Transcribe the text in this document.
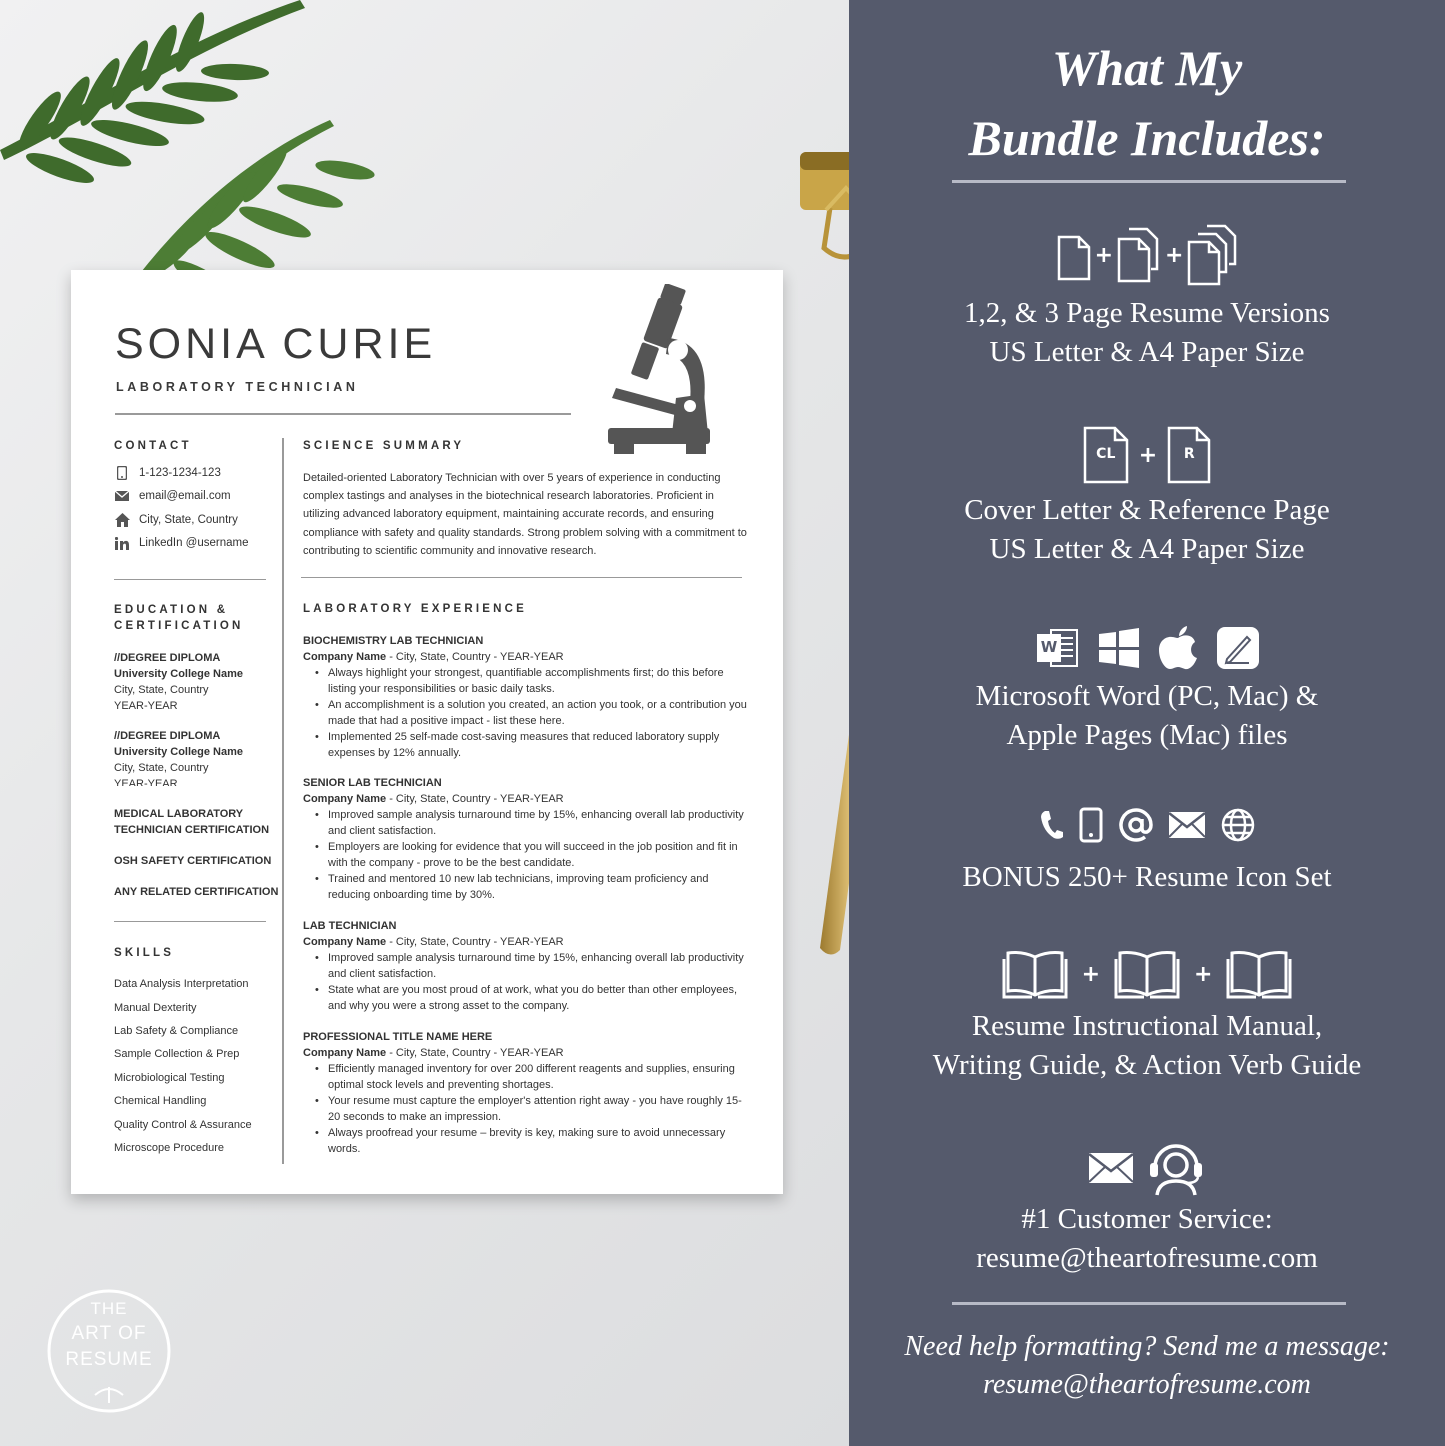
THE
ART OF
RESUME
SONIA CURIE
LABORATORY TECHNICIAN
CONTACT
1-123-1234-123
email@email.com
City, State, Country
LinkedIn @username
EDUCATION &
CERTIFICATION
//DEGREE DIPLOMA
University College Name
City, State, Country
YEAR-YEAR
//DEGREE DIPLOMA
University College Name
City, State, Country
YEAR-YEAR
MEDICAL LABORATORY TECHNICIAN CERTIFICATION
OSH SAFETY CERTIFICATION
ANY RELATED CERTIFICATION
SKILLS
Data Analysis Interpretation
Manual Dexterity
Lab Safety & Compliance
Sample Collection & Prep
Microbiological Testing
Chemical Handling
Quality Control & Assurance
Microscope Procedure
SCIENCE SUMMARY
Detailed-oriented Laboratory Technician with over 5 years of experience in conducting complex tastings and analyses in the biotechnical research laboratories. Proficient in utilizing advanced laboratory equipment, maintaining accurate records, and ensuring compliance with safety and quality standards. Strong problem solving with a commitment to contributing to scientific community and innovative research.
LABORATORY EXPERIENCE
BIOCHEMISTRY LAB TECHNICIAN
Company Name - City, State, Country - YEAR-YEAR
• Always highlight your strongest, quantifiable accomplishments first; do this before listing your responsibilities or basic daily tasks.
• An accomplishment is a solution you created, an action you took, or a contribution you made that had a positive impact - list these here.
• Implemented 25 self-made cost-saving measures that reduced laboratory supply expenses by 12% annually.
SENIOR LAB TECHNICIAN
Company Name - City, State, Country - YEAR-YEAR
• Improved sample analysis turnaround time by 15%, enhancing overall lab productivity and client satisfaction.
• Employers are looking for evidence that you will succeed in the job position and fit in with the company - prove to be the best candidate.
• Trained and mentored 10 new lab technicians, improving team proficiency and reducing onboarding time by 30%.
LAB TECHNICIAN
Company Name - City, State, Country - YEAR-YEAR
• Improved sample analysis turnaround time by 15%, enhancing overall lab productivity and client satisfaction.
• State what are you most proud of at work, what you do better than other employees, and why you were a strong asset to the company.
PROFESSIONAL TITLE NAME HERE
Company Name - City, State, Country - YEAR-YEAR
• Efficiently managed inventory for over 200 different reagents and supplies, ensuring optimal stock levels and preventing shortages.
• Your resume must capture the employer's attention right away - you have roughly 15-20 seconds to make an impression.
• Always proofread your resume – brevity is key, making sure to avoid unnecessary words.
What My
Bundle Includes:
+ +
1,2, & 3 Page Resume Versions
US Letter & A4 Paper Size
CL	+	R
Cover Letter & Reference Page
US Letter & A4 Paper Size
W
Microsoft Word (PC, Mac) &
Apple Pages (Mac) files
BONUS 250+ Resume Icon Set
+	+
Resume Instructional Manual,
Writing Guide, & Action Verb Guide
#1 Customer Service:
resume@theartofresume.com
Need help formatting? Send me a message:
resume@theartofresume.com
